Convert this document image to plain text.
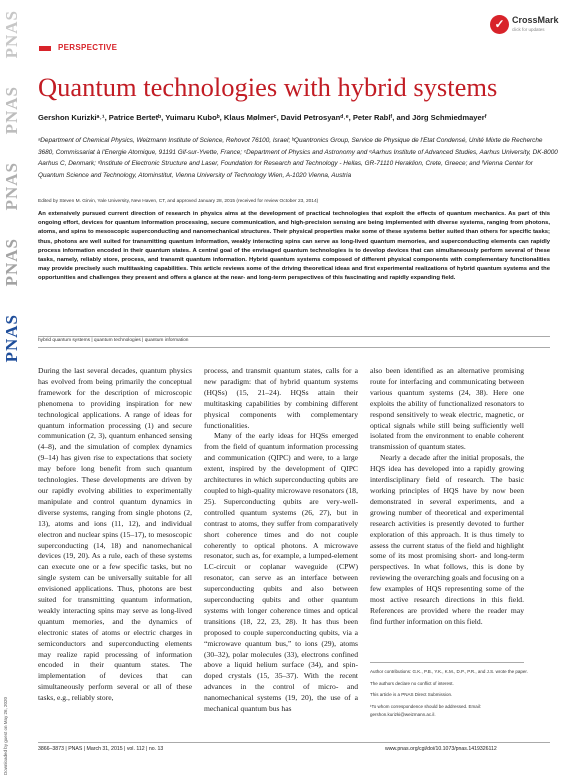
PNAS
PNAS
PNAS
PNAS
PNAS
Downloaded by guest on May 26, 2020
✓ CrossMark
click for updates
PERSPECTIVE
Quantum technologies with hybrid systems
Gershon Kurizkiᵃ˒¹, Patrice Bertetᵇ, Yuimaru Kuboᵇ, Klaus Mølmerᶜ, David Petrosyanᵈ˒ᵉ, Peter Rablᶠ, and Jörg Schmiedmayerᶠ
ᵃDepartment of Chemical Physics, Weizmann Institute of Science, Rehovot 76100, Israel; ᵇQuantronics Group, Service de Physique de l'Etat Condensé, Unité Mixte de Recherche 3680, Commissariat à l'Energie Atomique, 91191 Gif-sur-Yvette, France; ᶜDepartment of Physics and Astronomy and ᵉAarhus Institute of Advanced Studies, Aarhus University, DK-8000 Aarhus C, Denmark; ᵈInstitute of Electronic Structure and Laser, Foundation for Research and Technology - Hellas, GR-71110 Heraklion, Crete, Greece; and ᶠVienna Center for Quantum Science and Technology, Atominstitut, Vienna University of Technology Wien, A-1020 Vienna, Austria
Edited by Steven M. Girvin, Yale University, New Haven, CT, and approved January 28, 2015 (received for review October 23, 2014)
An extensively pursued current direction of research in physics aims at the development of practical technologies that exploit the effects of quantum mechanics. As part of this ongoing effort, devices for quantum information processing, secure communication, and high-precision sensing are being implemented with diverse systems, ranging from photons, atoms, and spins to mesoscopic superconducting and nanomechanical structures. Their physical properties make some of these systems better suited than others for specific tasks; thus, photons are well suited for transmitting quantum information, weakly interacting spins can serve as long-lived quantum memories, and superconducting elements can rapidly process information encoded in their quantum states. A central goal of the envisaged quantum technologies is to develop devices that can simultaneously perform several of these tasks, namely, reliably store, process, and transmit quantum information. Hybrid quantum systems composed of different physical components with complementary functionalities may provide precisely such multitasking capabilities. This article reviews some of the driving theoretical ideas and first experimental realizations of hybrid quantum systems and the opportunities and challenges they present and offers a glance at the near- and long-term perspectives of this fascinating and rapidly expanding field.
hybrid quantum systems | quantum technologies | quantum information
During the last several decades, quantum physics has evolved from being primarily the conceptual framework for the description of microscopic phenomena to providing inspiration for new technological applications. A range of ideas for quantum information processing (1) and secure communication (2, 3), quantum enhanced sensing (4–8), and the simulation of complex dynamics (9–14) has given rise to expectations that society may before long benefit from such quantum technologies. These developments are driven by our rapidly evolving abilities to experimentally manipulate and control quantum dynamics in diverse systems, ranging from single photons (2, 13), atoms and ions (11, 12), and individual electron and nuclear spins (15–17), to mesoscopic superconducting (14, 18) and nanomechanical devices (19, 20). As a rule, each of these systems can execute one or a few specific tasks, but no single system can be universally suitable for all envisioned applications. Thus, photons are best suited for transmitting quantum information, weakly interacting spins may serve as long-lived quantum memories, and the dynamics of electronic states of atoms or electric charges in semiconductors and superconducting elements may realize rapid processing of information encoded in their quantum states. The implementation of devices that can simultaneously perform several or all of these tasks, e.g., reliably store,
process, and transmit quantum states, calls for a new paradigm: that of hybrid quantum systems (HQSs) (15, 21–24). HQSs attain their multitasking capabilities by combining different physical components with complementary functionalities.
Many of the early ideas for HQSs emerged from the field of quantum information processing and communication (QIPC) and were, to a large extent, inspired by the development of QIPC architectures in which superconducting qubits are coupled to high-quality microwave resonators (18, 25). Superconducting qubits are very-well-controlled quantum systems (26, 27), but in contrast to atoms, they suffer from comparatively short coherence times and do not couple coherently to optical photons. A microwave resonator, such as, for example, a lumped-element LC-circuit or coplanar waveguide (CPW) resonator, can serve as an interface between superconducting qubits and also between superconducting qubits and other quantum systems with longer coherence times and optical transitions (18, 22, 23, 28). It has thus been proposed to couple superconducting qubits, via a “microwave quantum bus,” to ions (29), atoms (30–32), polar molecules (33), electrons confined above a liquid helium surface (34), and spin-doped crystals (15, 35–37). With the recent advances in the control of micro- and nanomechanical systems (19, 20), the use of a mechanical quantum bus has
also been identified as an alternative promising route for interfacing and communicating between various quantum systems (24, 38). Here one exploits the ability of functionalized resonators to respond sensitively to weak electric, magnetic, or optical signals while still being sufficiently well isolated from the environment to enable coherent transmission of quantum states.
Nearly a decade after the initial proposals, the HQS idea has developed into a rapidly growing interdisciplinary field of research. The basic working principles of HQS have by now been demonstrated in several experiments, and a growing number of theoretical and experimental research activities is presently devoted to further exploration of this approach. It is thus timely to assess the current status of the field and highlight some of its most promising short- and long-term perspectives. In what follows, this is done by reviewing the overarching goals and focusing on a few examples of HQS representing some of the most active research directions in this field. References are provided where the reader may find further information on this field.
Author contributions: G.K., P.B., Y.K., K.M., D.P., P.R., and J.S. wrote the paper.
The authors declare no conflict of interest.
This article is a PNAS Direct Submission.
¹To whom correspondence should be addressed. Email: gershon.kurizki@weizmann.ac.il.
3866–3873 | PNAS | March 31, 2015 | vol. 112 | no. 13	www.pnas.org/cgi/doi/10.1073/pnas.1419326112
